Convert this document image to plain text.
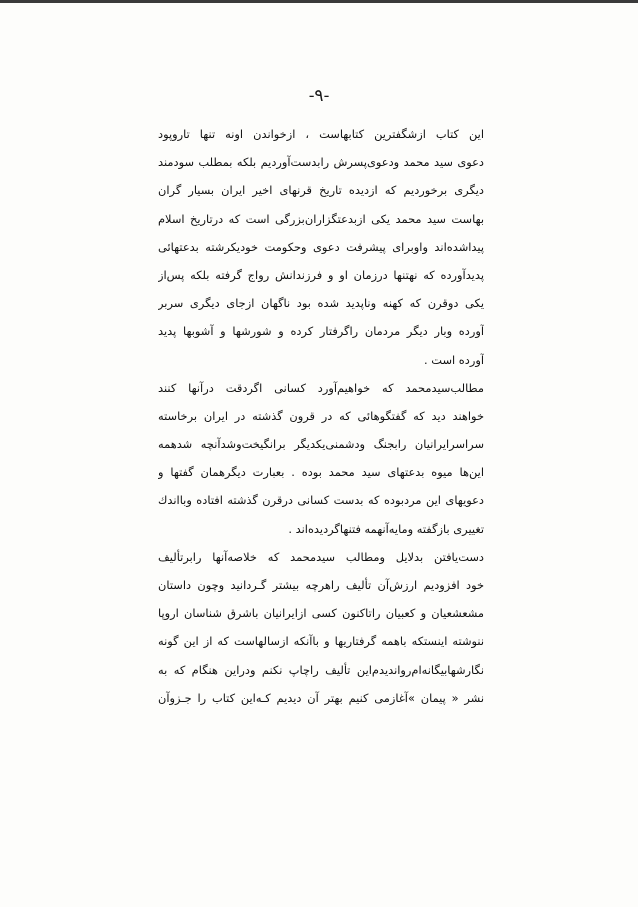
-۹-
این کتاب ازشگفترین کتابهاست ، ازخواندن اونه تنها تاروپود
دعوی سید محمد ودعوی‌پسرش رابدست‌آوردیم بلکه بمطلب سودمند
دیگری برخوردیم که ازدیده تاریخ قرنهای اخیر ایران بسیار گران
بهاست سید محمد یکی ازبدعتگزاران‌بزرگی است که درتاریخ اسلام
پیداشده‌اند واوبرای پیشرفت دعوی وحکومت خودیکرشته بدعتهائی
پدیدآورده که نهتنها درزمان او و فرزندانش رواج گرفته بلکه پس‌از
یکی دوقرن که کهنه وناپدید شده بود ناگهان ازجای دیگری سربر
آورده وبار دیگر مردمان راگرفتار کرده و شورشها و آشوبها پدید
آورده است .
مطالب‌سیدمحمد که خواهیم‌آورد کسانی اگردقت درآنها کنند
خواهند دید که گفتگوهائی که در قرون گذشته در ایران برخاسته
سراسرایرانیان رابجنگ ودشمنی‌یکدیگر برانگیخت‌وشدآنچه شدهمه
این‌ها میوه بدعتهای سید محمد بوده . بعبارت دیگرهمان گفتها و
دعویهای این مردبوده که بدست کسانی درقرن گذشته افتاده وبااندك
تغییری بازگفته ومایه‌آنهمه فتنهاگردیده‌اند .
دست‌یافتن بدلایل ومطالب سیدمحمد که خلاصه‌آنها رابرتألیف
خود افزودیم ارزش‌آن تألیف راهرچه بیشتر گـردانید وچون داستان
مشعشعیان و کعبیان راتاکنون کسی ازایرانیان باشرق شناسان اروپا
ننوشته اینستکه باهمه گرفتاریها و باآنکه ازسالهاست که از این گونه
نگارشهابیگانه‌ام‌رواندیدم‌این تألیف راچاپ نکنم ودراین هنگام که به
نشر « پیمان »آغازمی کنیم بهتر آن دیدیم کـه‌این کتاب را جـزوآن
